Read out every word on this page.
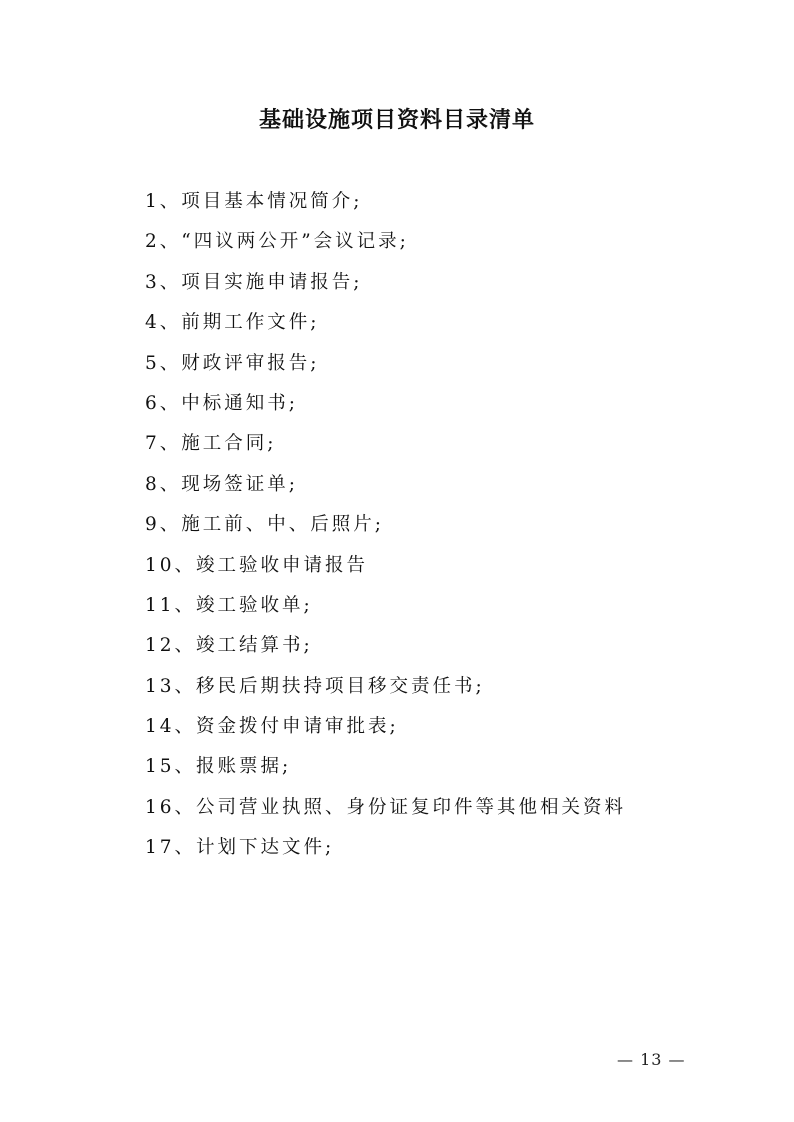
基础设施项目资料目录清单
1、项目基本情况简介;
2、“四议两公开”会议记录;
3、项目实施申请报告;
4、前期工作文件;
5、财政评审报告;
6、中标通知书;
7、施工合同;
8、现场签证单;
9、施工前、中、后照片;
10、竣工验收申请报告
11、竣工验收单;
12、竣工结算书;
13、移民后期扶持项目移交责任书;
14、资金拨付申请审批表;
15、报账票据;
16、公司营业执照、身份证复印件等其他相关资料
17、计划下达文件;
— 13 —
